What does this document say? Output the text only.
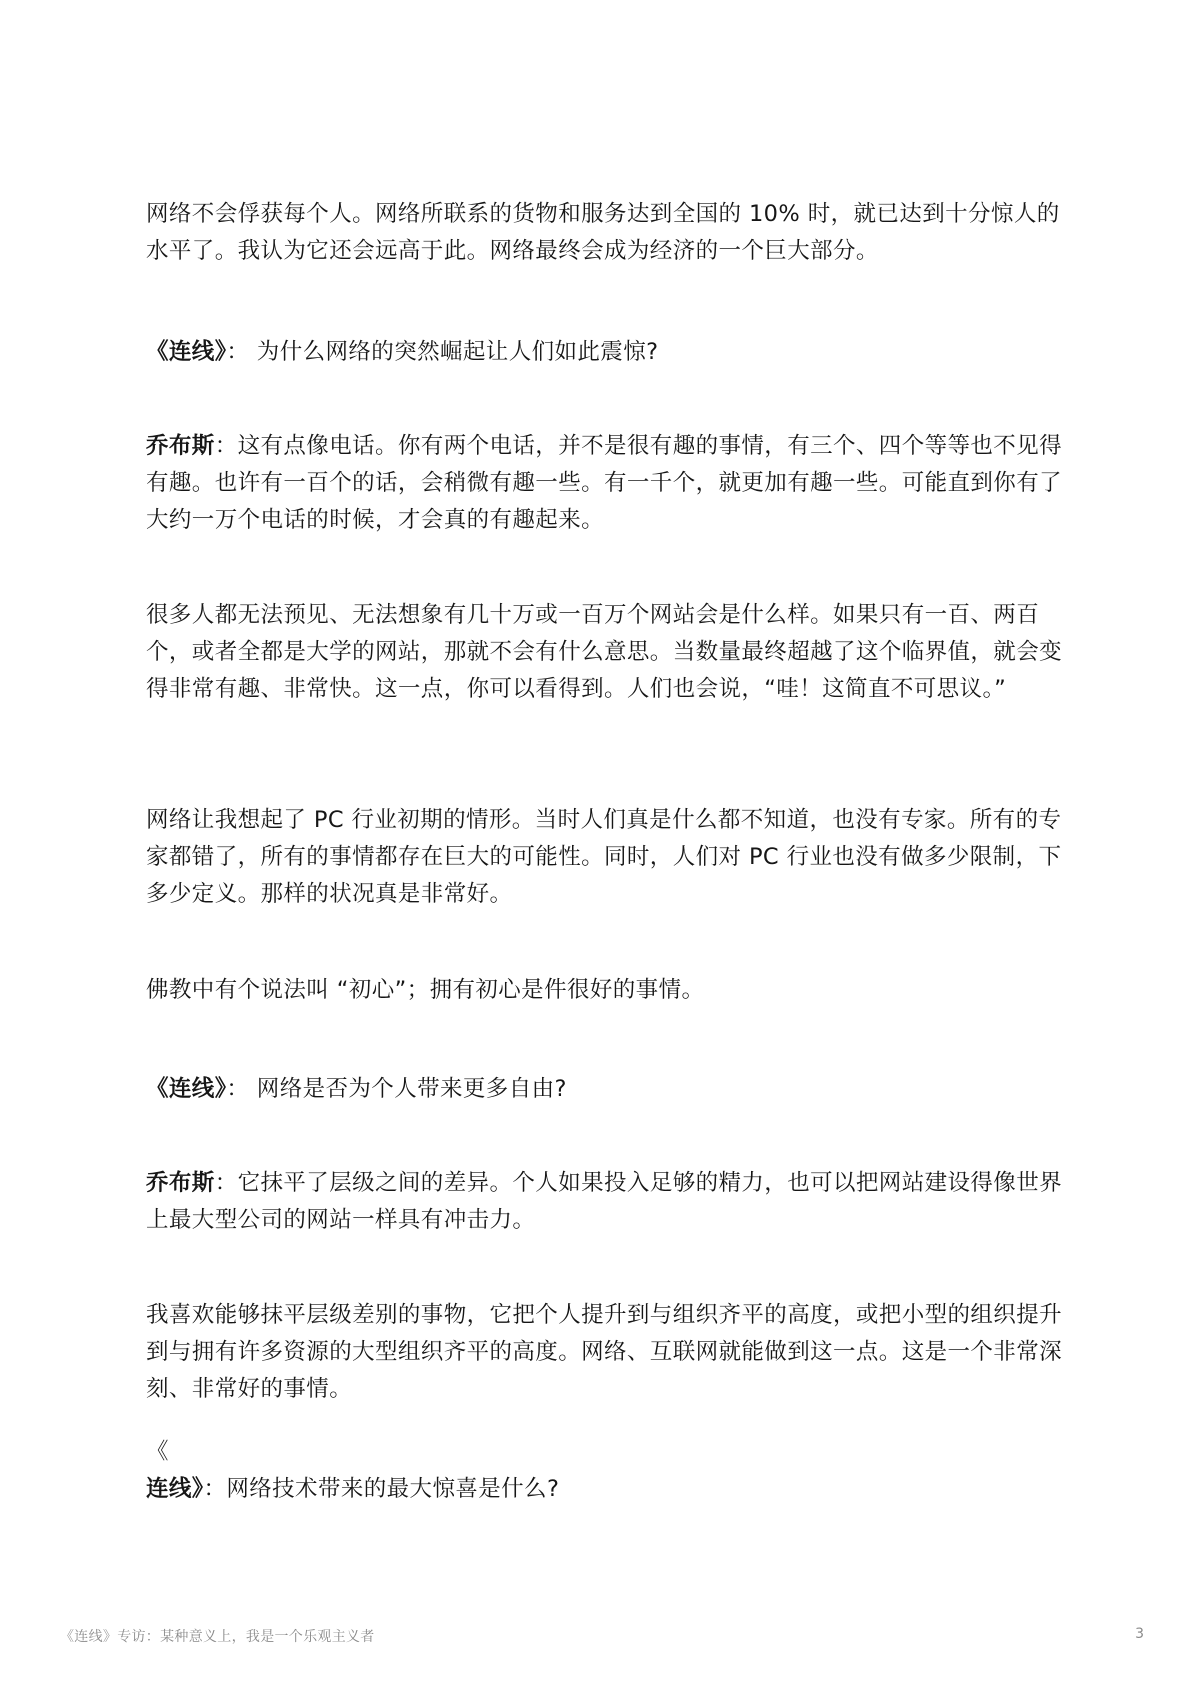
网络不会俘获每个人。网络所联系的货物和服务达到全国的 10% 时，就已达到十分惊人的水平了。我认为它还会远高于此。网络最终会成为经济的一个巨大部分。

《连线》： 为什么网络的突然崛起让人们如此震惊?

乔布斯：这有点像电话。你有两个电话，并不是很有趣的事情，有三个、四个等等也不见得有趣。也许有一百个的话，会稍微有趣一些。有一千个，就更加有趣一些。可能直到你有了大约一万个电话的时候，才会真的有趣起来。

很多人都无法预见、无法想象有几十万或一百万个网站会是什么样。如果只有一百、两百个，或者全都是大学的网站，那就不会有什么意思。当数量最终超越了这个临界值，就会变得非常有趣、非常快。这一点，你可以看得到。人们也会说，“哇！这简直不可思议。”

网络让我想起了 PC 行业初期的情形。当时人们真是什么都不知道，也没有专家。所有的专家都错了，所有的事情都存在巨大的可能性。同时，人们对 PC 行业也没有做多少限制，下多少定义。那样的状况真是非常好。

佛教中有个说法叫 “初心”；拥有初心是件很好的事情。

《连线》： 网络是否为个人带来更多自由?

乔布斯：它抹平了层级之间的差异。个人如果投入足够的精力，也可以把网站建设得像世界上最大型公司的网站一样具有冲击力。

我喜欢能够抹平层级差别的事物，它把个人提升到与组织齐平的高度，或把小型的组织提升到与拥有许多资源的大型组织齐平的高度。网络、互联网就能做到这一点。这是一个非常深刻、非常好的事情。

《
连线》：网络技术带来的最大惊喜是什么?

《连线》专访：某种意义上，我是一个乐观主义者	3
